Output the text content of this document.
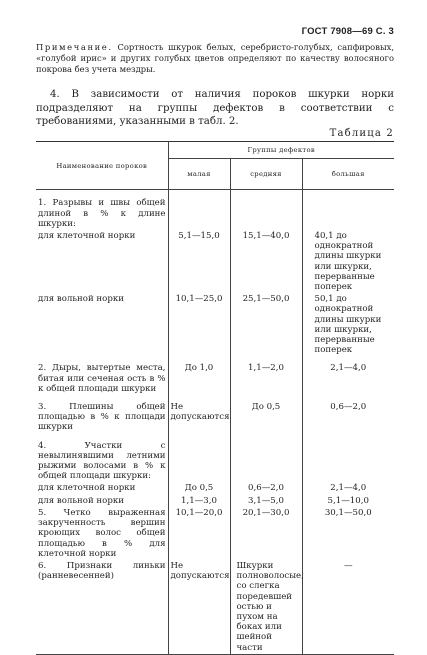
ГОСТ 7908—69 С. 3
Примечание. Сортность шкурок белых, серебристо-голубых, сапфировых, «голубой ирис» и других голубых цветов определяют по качеству волосяного покрова без учета мездры.
4. В зависимости от наличия пороков шкурки норки подразделяют на группы дефектов в соответствии с требованиями, указанными в табл. 2.
Таблица 2
Наименование пороков	Группы дефектов		
	малая	средняя	большая
1. Разрывы и швы общей длиной в % к длине шкурки:			
для клеточной норки	5,1—15,0	15,1—40,0	40,1 до однократной длины шкурки или шкурки, перерванные поперек
для вольной норки	10,1—25,0	25,1—50,0	50,1 до однократной длины шкурки или шкурки, перерванные поперек

2. Дыры, вытертые места, битая или сеченая ость в % к общей площади шкурки	До 1,0	1,1—2,0	2,1—4,0

3. Плешины общей площадью в % к площади шкурки	Не допускаются	До 0,5	0,6—2,0

4. Участки с невылинявшими летними рыжими волосами в % к общей площади шкурки:			
для клеточной норки	До 0,5	0,6—2,0	2,1—4,0
для вольной норки	1,1—3,0	3,1—5,0	5,1—10,0
5. Четко выраженная закрученность вершин кроющих волос общей площадью в % для клеточной норки	10,1—20,0	20,1—30,0	30,1—50,0
6. Признаки линьки (ранневесенней)	Не допускаются	Шкурки полноволосые, со слегка поредевшей остью и пухом на боках или шейной части	—
